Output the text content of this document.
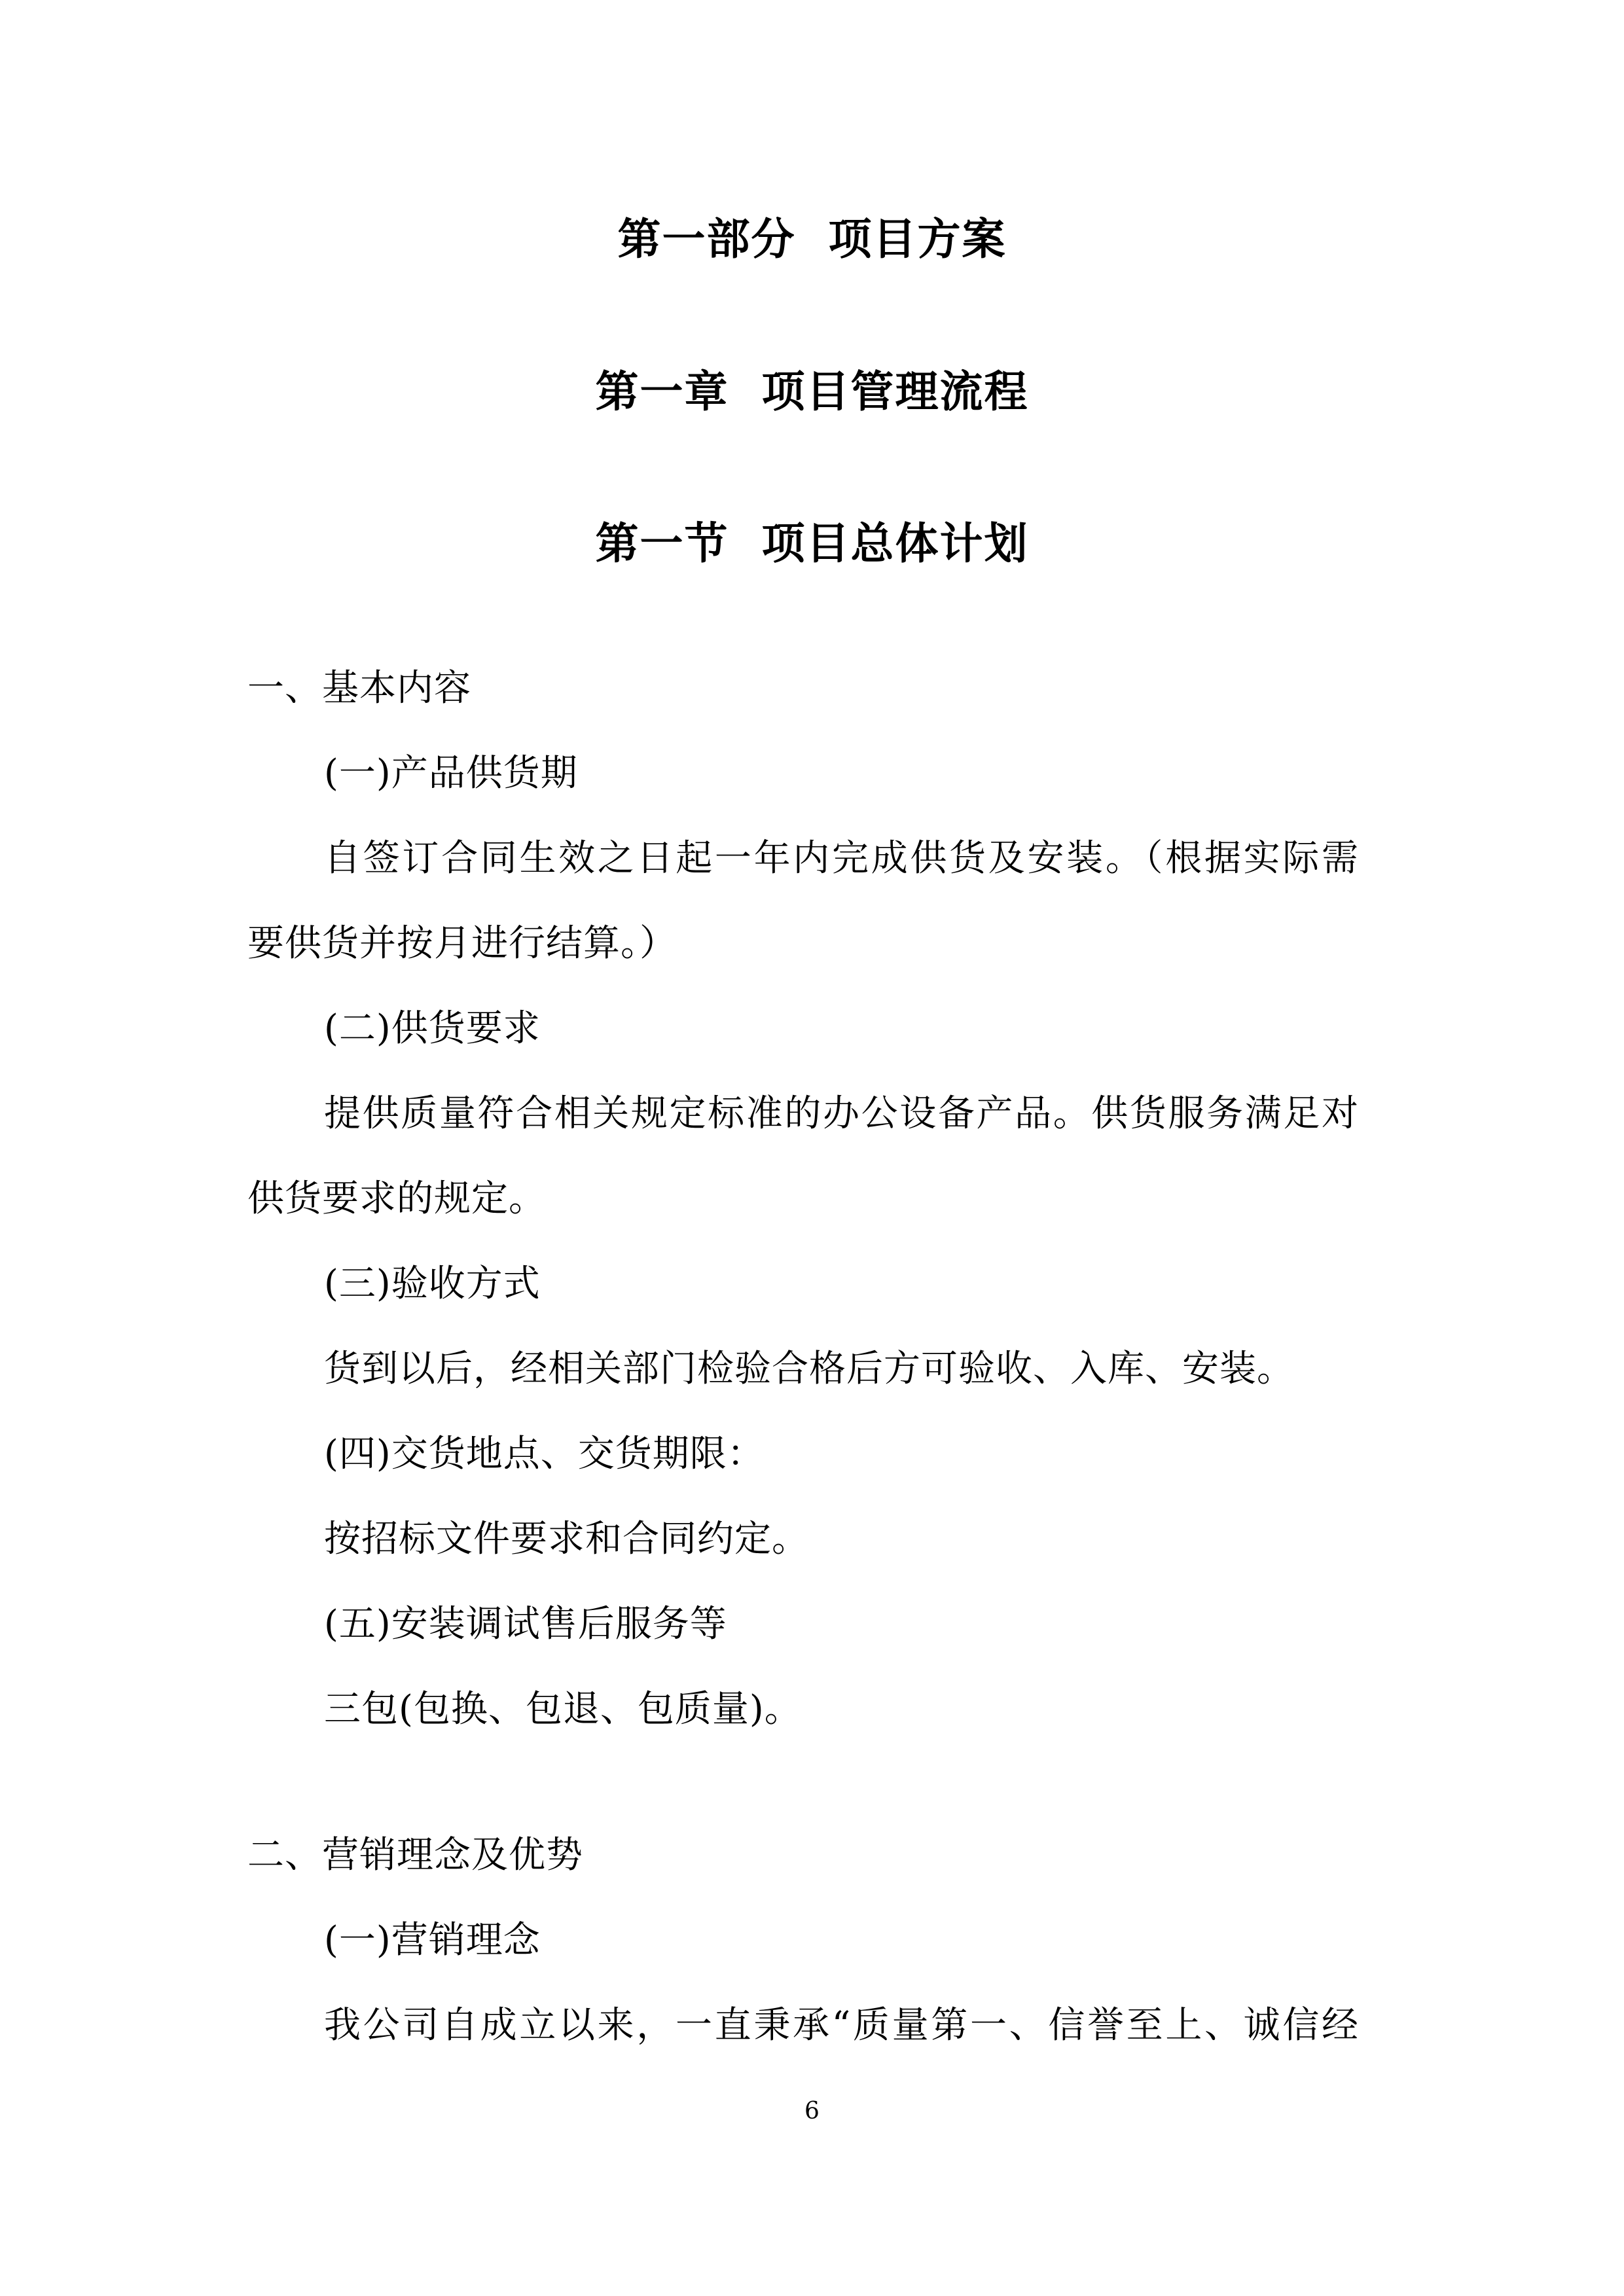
第一部分  项目方案
第一章  项目管理流程
第一节  项目总体计划
一、基本内容
(一)产品供货期
自签订合同生效之日起一年内完成供货及安装。（根据实际需
要供货并按月进行结算。）
(二)供货要求
提供质量符合相关规定标准的办公设备产品。供货服务满足对
供货要求的规定。
(三)验收方式
货到以后，经相关部门检验合格后方可验收、入库、安装。
(四)交货地点、交货期限：
按招标文件要求和合同约定。
(五)安装调试售后服务等
三包(包换、包退、包质量)。
二、营销理念及优势
(一)营销理念
我公司自成立以来，一直秉承“质量第一、信誉至上、诚信经
6
